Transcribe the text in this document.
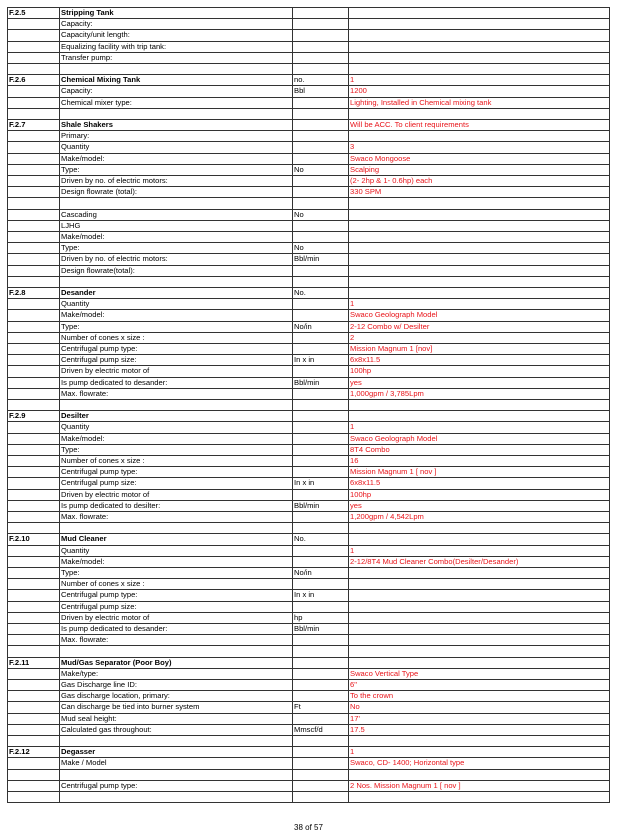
F.2.5	Stripping Tank		
	Capacity:		
	Capacity/unit length:		
	Equalizing facility with trip tank:		
	Transfer pump:		

F.2.6	Chemical Mixing Tank	no.	1
	Capacity:	Bbl	1200
	Chemical mixer type:		Lighting, Installed in Chemical mixing tank

F.2.7	Shale Shakers		Will be ACC. To client requirements
	Primary:		
	Quantity		3
	Make/model:		Swaco Mongoose
	Type:	No	Scalping
	Driven by no. of electric motors:		(2- 2hp & 1- 0.6hp) each
	Design flowrate (total):		330 SPM

	Cascading	No	
	LJHG		
	Make/model:		
	Type:	No	
	Driven by no. of electric motors:	Bbl/min	
	Design flowrate(total):		

F.2.8	Desander	No.	
	Quantity		1
	Make/model:		Swaco Geolograph Model
	Type:	No/in	2-12 Combo w/ Desilter
	Number of cones x size :		2
	Centrifugal pump type:		Mission Magnum 1 [nov]
	Centrifugal pump size:	In x in	6x8x11.5
	Driven by electric motor of		100hp
	Is pump dedicated to desander:	Bbl/min	yes
	Max. flowrate:		1,000gpm / 3,785Lpm

F.2.9	Desilter		
	Quantity		1
	Make/model:		Swaco Geolograph Model
	Type:		8T4 Combo
	Number of cones x size :		16
	Centrifugal pump type:		Mission Magnum 1 [ nov ]
	Centrifugal pump size:	In x in	6x8x11.5
	Driven by electric motor of		100hp
	Is pump dedicated to desilter:	Bbl/min	yes
	Max. flowrate:		1,200gpm / 4,542Lpm

F.2.10	Mud Cleaner	No.	
	Quantity		1
	Make/model:		2-12/8T4 Mud Cleaner Combo(Desilter/Desander)
	Type:	No/in	
	Number of cones x size :		
	Centrifugal pump type:	In x in	
	Centrifugal pump size:		
	Driven by electric motor of	hp	
	Is pump dedicated to desander:	Bbl/min	
	Max. flowrate:		

F.2.11	Mud/Gas Separator (Poor Boy)		
	Make/type:		Swaco Vertical Type
	Gas Discharge line ID:		6"
	Gas discharge location, primary:		To the crown
	Can discharge be tied into burner system	Ft	No
	Mud seal height:		17'
	Calculated gas throughout:	Mmscf/d	17.5

F.2.12	Degasser		1
	Make / Model		Swaco, CD- 1400; Horizontal type

	Centrifugal pump type:		2 Nos. Mission Magnum 1 [ nov ]

38 of 57
